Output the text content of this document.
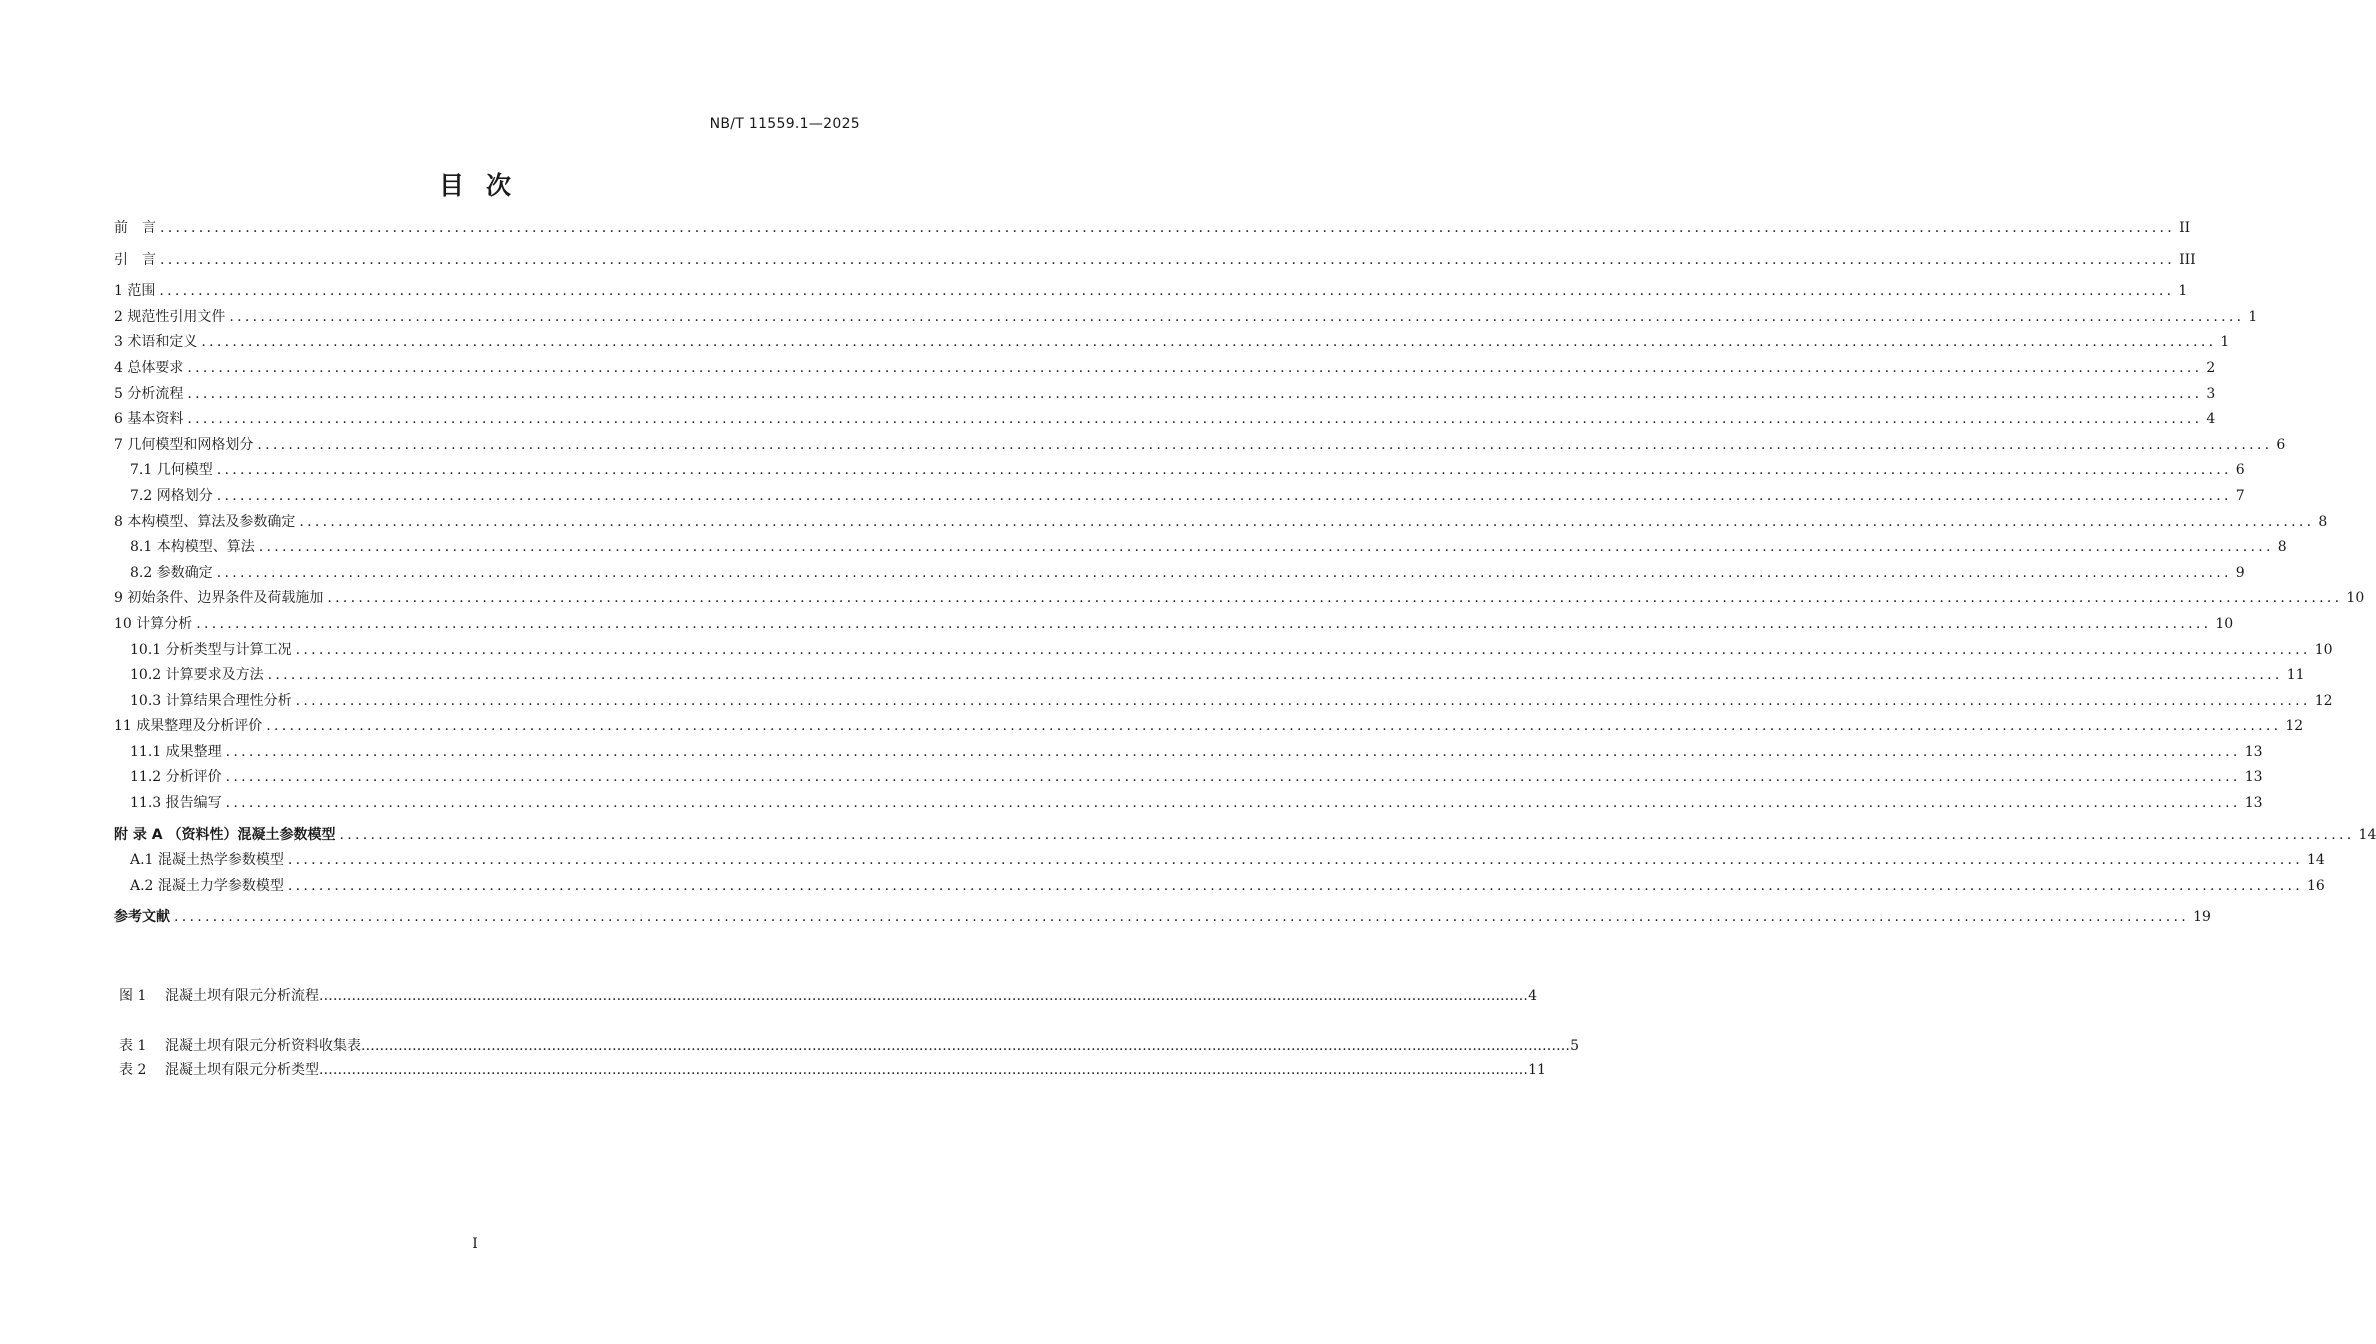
NB/T 11559.1—2025
目次
前　言 .................................................................................................................................................................................................................................................................... II
引　言 .................................................................................................................................................................................................................................................................... III
1 范围 .................................................................................................................................................................................................................................................................... 1
2 规范性引用文件 .................................................................................................................................................................................................................................................................... 1
3 术语和定义 .................................................................................................................................................................................................................................................................... 1
4 总体要求 .................................................................................................................................................................................................................................................................... 2
5 分析流程 .................................................................................................................................................................................................................................................................... 3
6 基本资料 .................................................................................................................................................................................................................................................................... 4
7 几何模型和网格划分 .................................................................................................................................................................................................................................................................... 6
7.1 几何模型 .................................................................................................................................................................................................................................................................... 6
7.2 网格划分 .................................................................................................................................................................................................................................................................... 7
8 本构模型、算法及参数确定 .................................................................................................................................................................................................................................................................... 8
8.1 本构模型、算法 .................................................................................................................................................................................................................................................................... 8
8.2 参数确定 .................................................................................................................................................................................................................................................................... 9
9 初始条件、边界条件及荷载施加 .................................................................................................................................................................................................................................................................... 10
10 计算分析 .................................................................................................................................................................................................................................................................... 10
10.1 分析类型与计算工况 .................................................................................................................................................................................................................................................................... 10
10.2 计算要求及方法 .................................................................................................................................................................................................................................................................... 11
10.3 计算结果合理性分析 .................................................................................................................................................................................................................................................................... 12
11 成果整理及分析评价 .................................................................................................................................................................................................................................................................... 12
11.1 成果整理 .................................................................................................................................................................................................................................................................... 13
11.2 分析评价 .................................................................................................................................................................................................................................................................... 13
11.3 报告编写 .................................................................................................................................................................................................................................................................... 13
附 录 A （资料性）混凝土参数模型 .................................................................................................................................................................................................................................................................... 14
A.1 混凝土热学参数模型 .................................................................................................................................................................................................................................................................... 14
A.2 混凝土力学参数模型 .................................................................................................................................................................................................................................................................... 16
参考文献 .................................................................................................................................................................................................................................................................... 19
图 1 混凝土坝有限元分析流程 .................................................................................................................................................................................................................................................................... 4
表 1 混凝土坝有限元分析资料收集表 .................................................................................................................................................................................................................................................................... 5
表 2 混凝土坝有限元分析类型 .................................................................................................................................................................................................................................................................... 11
I
